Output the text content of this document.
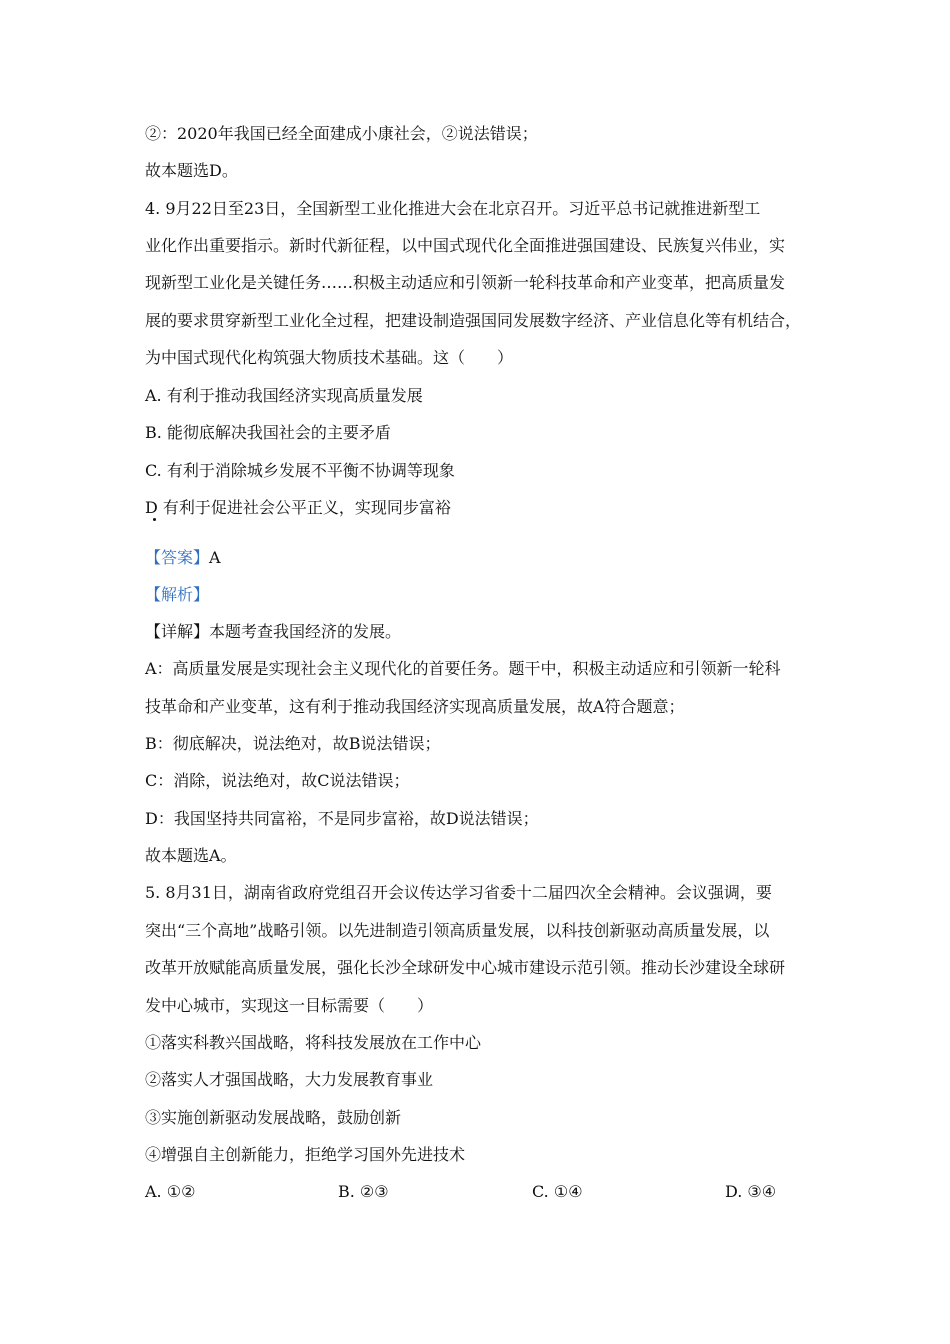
②：2020年我国已经全面建成小康社会，②说法错误；
故本题选D。
4. 9月22日至23日，全国新型工业化推进大会在北京召开。习近平总书记就推进新型工
业化作出重要指示。新时代新征程，以中国式现代化全面推进强国建设、民族复兴伟业，实
现新型工业化是关键任务……积极主动适应和引领新一轮科技革命和产业变革，把高质量发
展的要求贯穿新型工业化全过程，把建设制造强国同发展数字经济、产业信息化等有机结合，
为中国式现代化构筑强大物质技术基础。这（　　）
A. 有利于推动我国经济实现高质量发展
B. 能彻底解决我国社会的主要矛盾
C. 有利于消除城乡发展不平衡不协调等现象
D 有利于促进社会公平正义，实现同步富裕
【答案】A
【解析】
【详解】本题考查我国经济的发展。
A：高质量发展是实现社会主义现代化的首要任务。题干中，积极主动适应和引领新一轮科
技革命和产业变革，这有利于推动我国经济实现高质量发展，故A符合题意；
B：彻底解决，说法绝对，故B说法错误；
C：消除，说法绝对，故C说法错误；
D：我国坚持共同富裕，不是同步富裕，故D说法错误；
故本题选A。
5. 8月31日，湖南省政府党组召开会议传达学习省委十二届四次全会精神。会议强调，要
突出“三个高地”战略引领。以先进制造引领高质量发展，以科技创新驱动高质量发展，以
改革开放赋能高质量发展，强化长沙全球研发中心城市建设示范引领。推动长沙建设全球研
发中心城市，实现这一目标需要（　　）
①落实科教兴国战略，将科技发展放在工作中心
②落实人才强国战略，大力发展教育事业
③实施创新驱动发展战略，鼓励创新
④增强自主创新能力，拒绝学习国外先进技术
A. ①②	B. ②③	C. ①④	D. ③④
